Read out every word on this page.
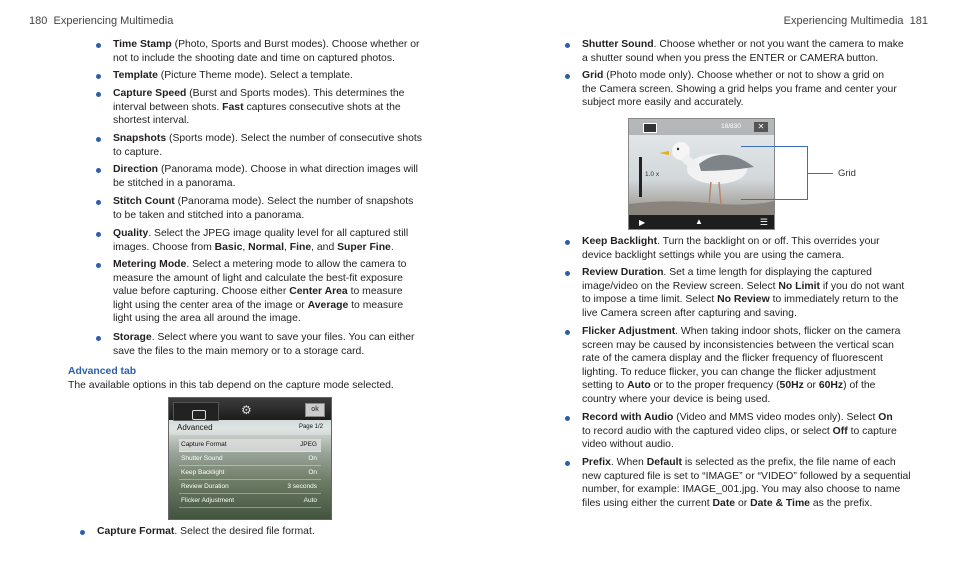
180 Experiencing Multimedia	Experiencing Multimedia 181
Time Stamp (Photo, Sports and Burst modes). Choose whether or
not to include the shooting date and time on captured photos.
Template (Picture Theme mode). Select a template.
Capture Speed (Burst and Sports modes). This determines the
interval between shots. Fast captures consecutive shots at the
shortest interval.
Snapshots (Sports mode). Select the number of consecutive shots
to capture.
Direction (Panorama mode). Choose in what direction images will
be stitched in a panorama.
Stitch Count (Panorama mode). Select the number of snapshots
to be taken and stitched into a panorama.
Quality. Select the JPEG image quality level for all captured still
images. Choose from Basic, Normal, Fine, and Super Fine.
Metering Mode. Select a metering mode to allow the camera to
measure the amount of light and calculate the best-fit exposure
value before capturing. Choose either Center Area to measure
light using the center area of the image or Average to measure
light using the area all around the image.
Storage. Select where you want to save your files. You can either
save the files to the main memory or to a storage card.
Advanced tab
The available options in this tab depend on the capture mode selected.
⚙	ok
Advanced	Page 1/2
Capture Format	JPEG
Shutter Sound	On
Keep Backlight	On
Review Duration	3 seconds
Flicker Adjustment	Auto
Capture Format. Select the desired file format.
Shutter Sound. Choose whether or not you want the camera to make
a shutter sound when you press the ENTER or CAMERA button.
Grid (Photo mode only). Choose whether or not to show a grid on
the Camera screen. Showing a grid helps you frame and center your
subject more easily and accurately.
18/830	✕
1.0 x
▶	▲	☰
Grid
Keep Backlight. Turn the backlight on or off. This overrides your
device backlight settings while you are using the camera.
Review Duration. Set a time length for displaying the captured
image/video on the Review screen. Select No Limit if you do not want
to impose a time limit. Select No Review to immediately return to the
live Camera screen after capturing and saving.
Flicker Adjustment. When taking indoor shots, flicker on the camera
screen may be caused by inconsistencies between the vertical scan
rate of the camera display and the flicker frequency of fluorescent
lighting. To reduce flicker, you can change the flicker adjustment
setting to Auto or to the proper frequency (50Hz or 60Hz) of the
country where your device is being used.
Record with Audio (Video and MMS video modes only). Select On
to record audio with the captured video clips, or select Off to capture
video without audio.
Prefix. When Default is selected as the prefix, the file name of each
new captured file is set to “IMAGE” or “VIDEO” followed by a sequential
number, for example: IMAGE_001.jpg. You may also choose to name
files using either the current Date or Date & Time as the prefix.
